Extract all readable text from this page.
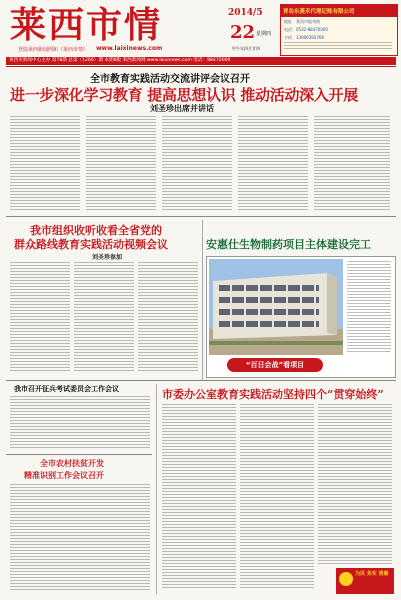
莱西市情
登陆莱西新闻网和《莱西市情》 www.laixinews.com
2014/5
22 星期四
甲午年四月廿四
青岛东菱禾代理记账有限公司
地址：莱西市振华路
电话：0532-88470000
手机：13906392766
莱西市新闻中心主办 第78期 总第（1266）期 本期8版 莱西新闻网 www.laixinews.com 电话：88470000
全市教育实践活动交流讲评会议召开
进一步深化学习教育 提高思想认识 推动活动深入开展
刘圣珍出席并讲话
我市组织收听收看全省党的
群众路线教育实践活动视频会议
刘圣珍参加
安惠仕生物制药项目主体建设完工
“百日会战”看项目
我市召开征兵考试委员会工作会议
全市农村扶贫开发
精准识别工作会议召开
市委办公室教育实践活动坚持四个“贯穿始终”
为民 务实 清廉
